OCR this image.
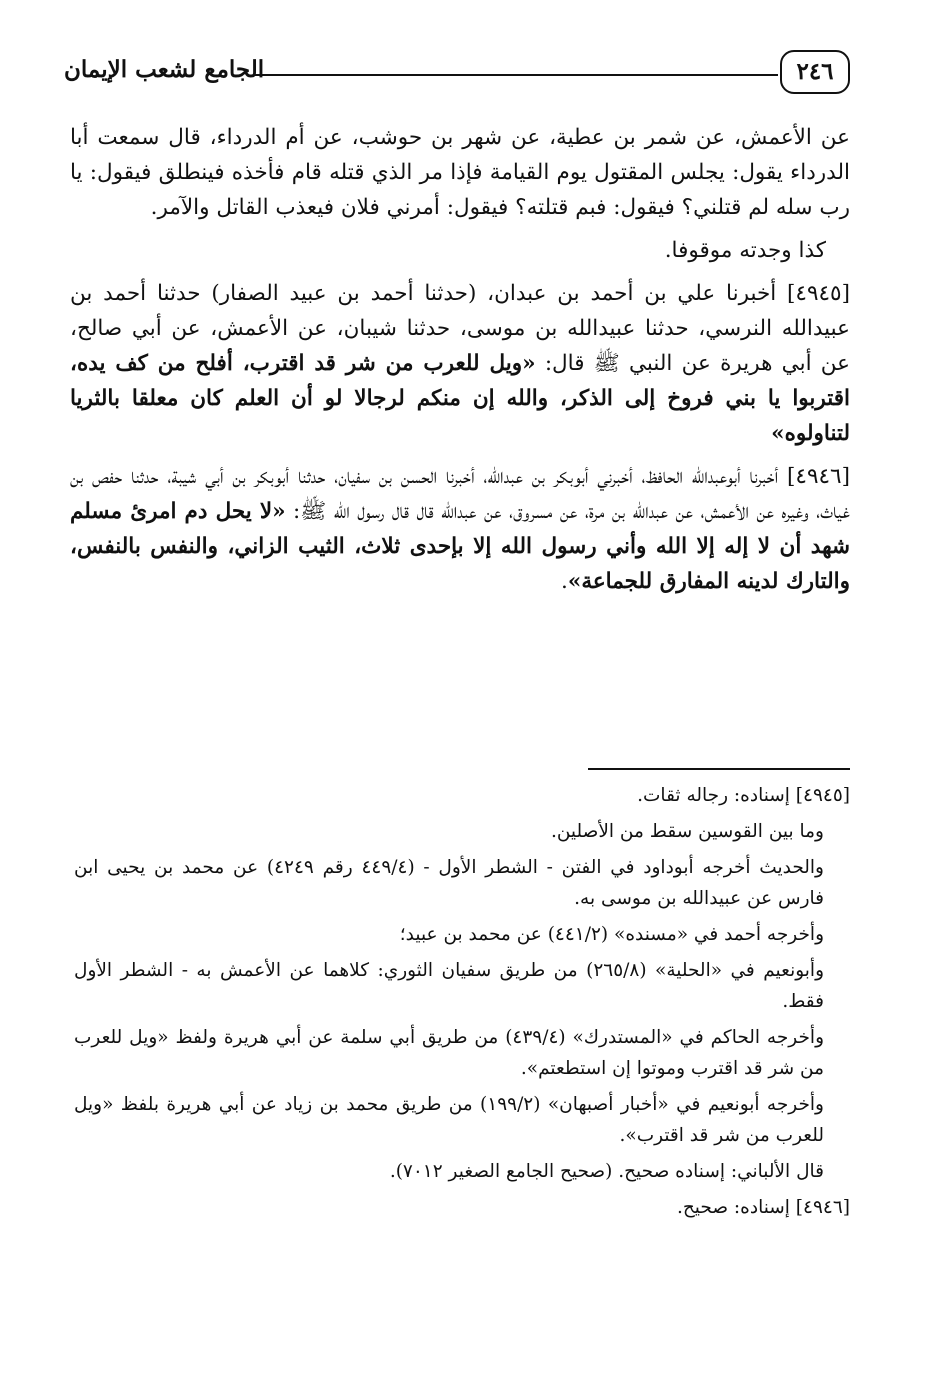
٢٤٦
الجامع لشعب الإيمان

عن الأعمش، عن شمر بن عطية، عن شهر بن حوشب، عن أم الدرداء، قال سمعت أبا الدرداء يقول: يجلس المقتول يوم القيامة فإذا مر الذي قتله قام فأخذه فينطلق فيقول: يا رب سله لم قتلني؟ فيقول: فبم قتلته؟ فيقول: أمرني فلان فيعذب القاتل والآمر.

كذا وجدته موقوفا.

[٤٩٤٥] أخبرنا علي بن أحمد بن عبدان، (حدثنا أحمد بن عبيد الصفار) حدثنا أحمد بن عبيدالله النرسي، حدثنا عبيدالله بن موسى، حدثنا شيبان، عن الأعمش، عن أبي صالح، عن أبي هريرة عن النبي ﷺ قال: «ويل للعرب من شر قد اقترب، أفلح من كف يده، اقتربوا يا بني فروخ إلى الذكر، والله إن منكم لرجالا لو أن العلم كان معلقا بالثريا لتناولوه»

[٤٩٤٦] أخبرنا أبوعبدالله الحافظ، أخبرني أبوبكر بن عبدالله، أخبرنا الحسن بن سفيان، حدثنا أبوبكر بن أبي شيبة، حدثنا حفص بن غياث، وغيره عن الأعمش، عن عبدالله بن مرة، عن مسروق، عن عبدالله قال قال رسول الله ﷺ: «لا يحل دم امرئ مسلم شهد أن لا إله إلا الله وأني رسول الله إلا بإحدى ثلاث، الثيب الزاني، والنفس بالنفس، والتارك لدينه المفارق للجماعة».

[٤٩٤٥] إسناده: رجاله ثقات.

وما بين القوسين سقط من الأصلين.

والحديث أخرجه أبوداود في الفتن - الشطر الأول - (٤٤٩/٤ رقم ٤٢٤٩) عن محمد بن يحيى ابن فارس عن عبيدالله بن موسى به.

وأخرجه أحمد في «مسنده» (٤٤١/٢) عن محمد بن عبيد؛

وأبونعيم في «الحلية» (٢٦٥/٨) من طريق سفيان الثوري: كلاهما عن الأعمش به - الشطر الأول فقط.

وأخرجه الحاكم في «المستدرك» (٤٣٩/٤) من طريق أبي سلمة عن أبي هريرة ولفظ «ويل للعرب من شر قد اقترب وموتوا إن استطعتم».

وأخرجه أبونعيم في «أخبار أصبهان» (١٩٩/٢) من طريق محمد بن زياد عن أبي هريرة بلفظ «ويل للعرب من شر قد اقترب».

قال الألباني: إسناده صحيح. (صحيح الجامع الصغير ٧٠١٢).

[٤٩٤٦] إسناده: صحيح.
